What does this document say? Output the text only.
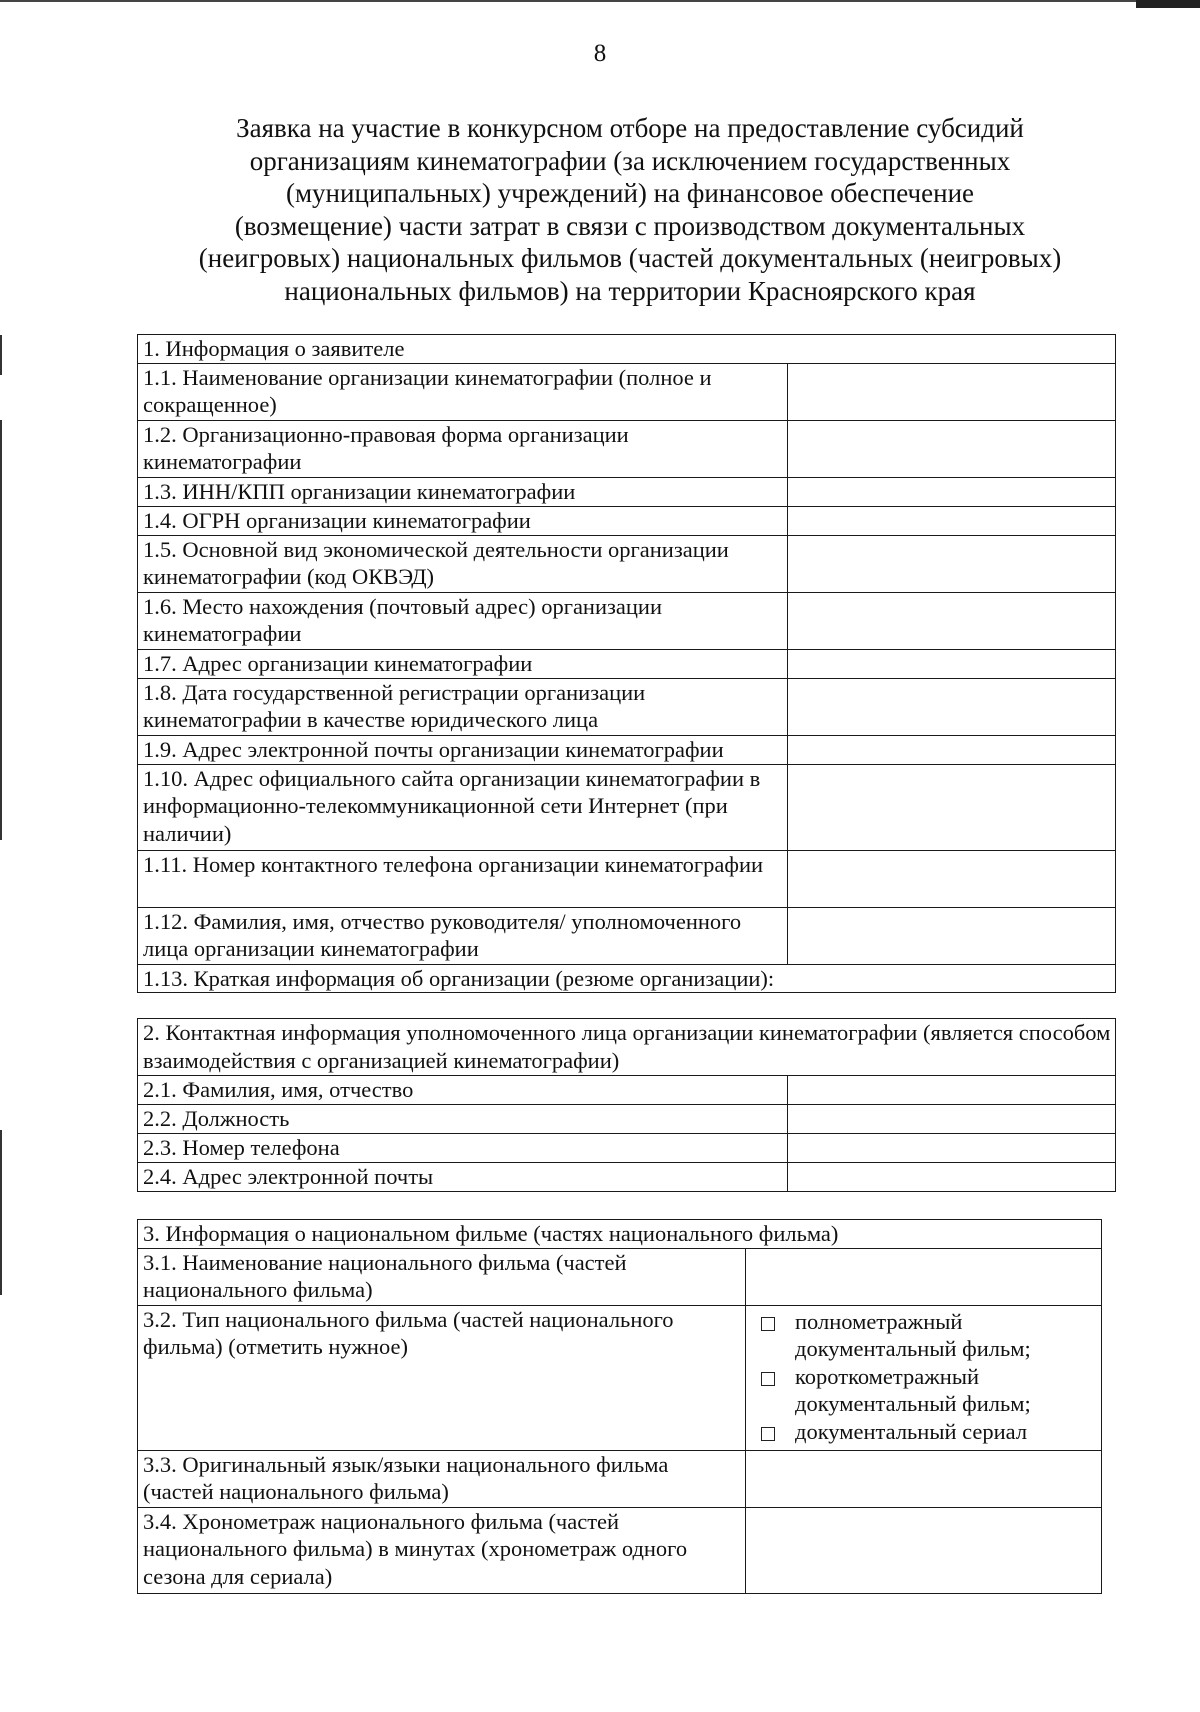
8
Заявка на участие в конкурсном отборе на предоставление субсидий
организациям кинематографии (за исключением государственных
(муниципальных) учреждений) на финансовое обеспечение
(возмещение) части затрат в связи с производством документальных
(неигровых) национальных фильмов (частей документальных (неигровых)
национальных фильмов) на территории Красноярского края
1. Информация о заявителе	
1.1. Наименование организации кинематографии (полное и сокращенное)	
1.2. Организационно-правовая форма организации кинематографии	
1.3. ИНН/КПП организации кинематографии	
1.4. ОГРН организации кинематографии	
1.5. Основной вид экономической деятельности организации кинематографии (код ОКВЭД)	
1.6. Место нахождения (почтовый адрес) организации кинематографии	
1.7. Адрес организации кинематографии	
1.8. Дата государственной регистрации организации кинематографии в качестве юридического лица	
1.9. Адрес электронной почты организации кинематографии	
1.10. Адрес официального сайта организации кинематографии в информационно-телекоммуникационной сети Интернет (при наличии)	
1.11. Номер контактного телефона организации кинематографии	
1.12. Фамилия, имя, отчество руководителя/ уполномоченного лица организации кинематографии	
1.13. Краткая информация об организации (резюме организации):	
2. Контактная информация уполномоченного лица организации кинематографии (является способом взаимодействия с организацией кинематографии)	
2.1. Фамилия, имя, отчество	
2.2. Должность	
2.3. Номер телефона	
2.4. Адрес электронной почты	
3. Информация о национальном фильме (частях национального фильма)	
3.1. Наименование национального фильма (частей национального фильма)	
3.2. Тип национального фильма (частей национального фильма) (отметить нужное)	полнометражный документальный фильм;
короткометражный документальный фильм;
документальный сериал

3.3. Оригинальный язык/языки национального фильма (частей национального фильма)	
3.4. Хронометраж национального фильма (частей национального фильма) в минутах (хронометраж одного сезона для сериала)	
